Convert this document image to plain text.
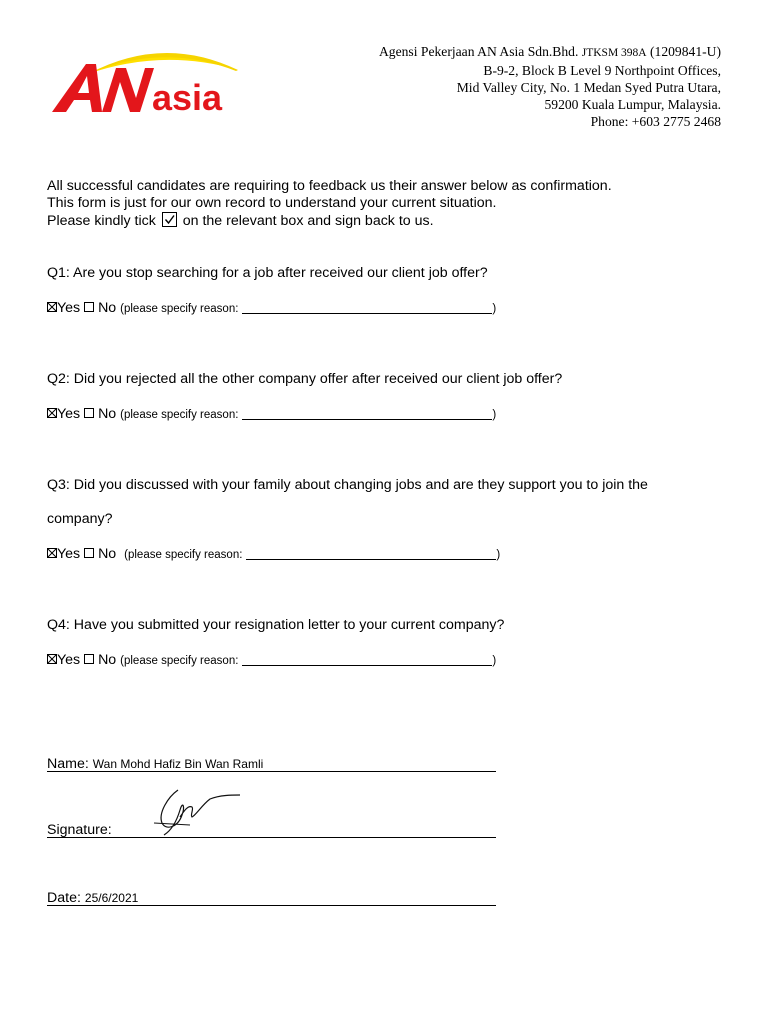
asia
Agensi Pekerjaan AN Asia Sdn.Bhd. JTKSM 398A (1209841-U)
B-9-2, Block B Level 9 Northpoint Offices,
Mid Valley City, No. 1 Medan Syed Putra Utara,
59200 Kuala Lumpur, Malaysia.
Phone: +603 2775 2468
All successful candidates are requiring to feedback us their answer below as confirmation.
This form is just for our own record to understand your current situation.
Please kindly tick on the relevant box and sign back to us.
Q1: Are you stop searching for a job after received our client job offer?
Yes No (please specify reason:	)
Q2: Did you rejected all the other company offer after received our client job offer?
Yes No (please specify reason:	)
Q3: Did you discussed with your family about changing jobs and are they support you to join the
company?
Yes No (please specify reason:	)
Q4: Have you submitted your resignation letter to your current company?
Yes No (please specify reason:	)
Name: Wan Mohd Hafiz Bin Wan Ramli
Signature:
Date: 25/6/2021
